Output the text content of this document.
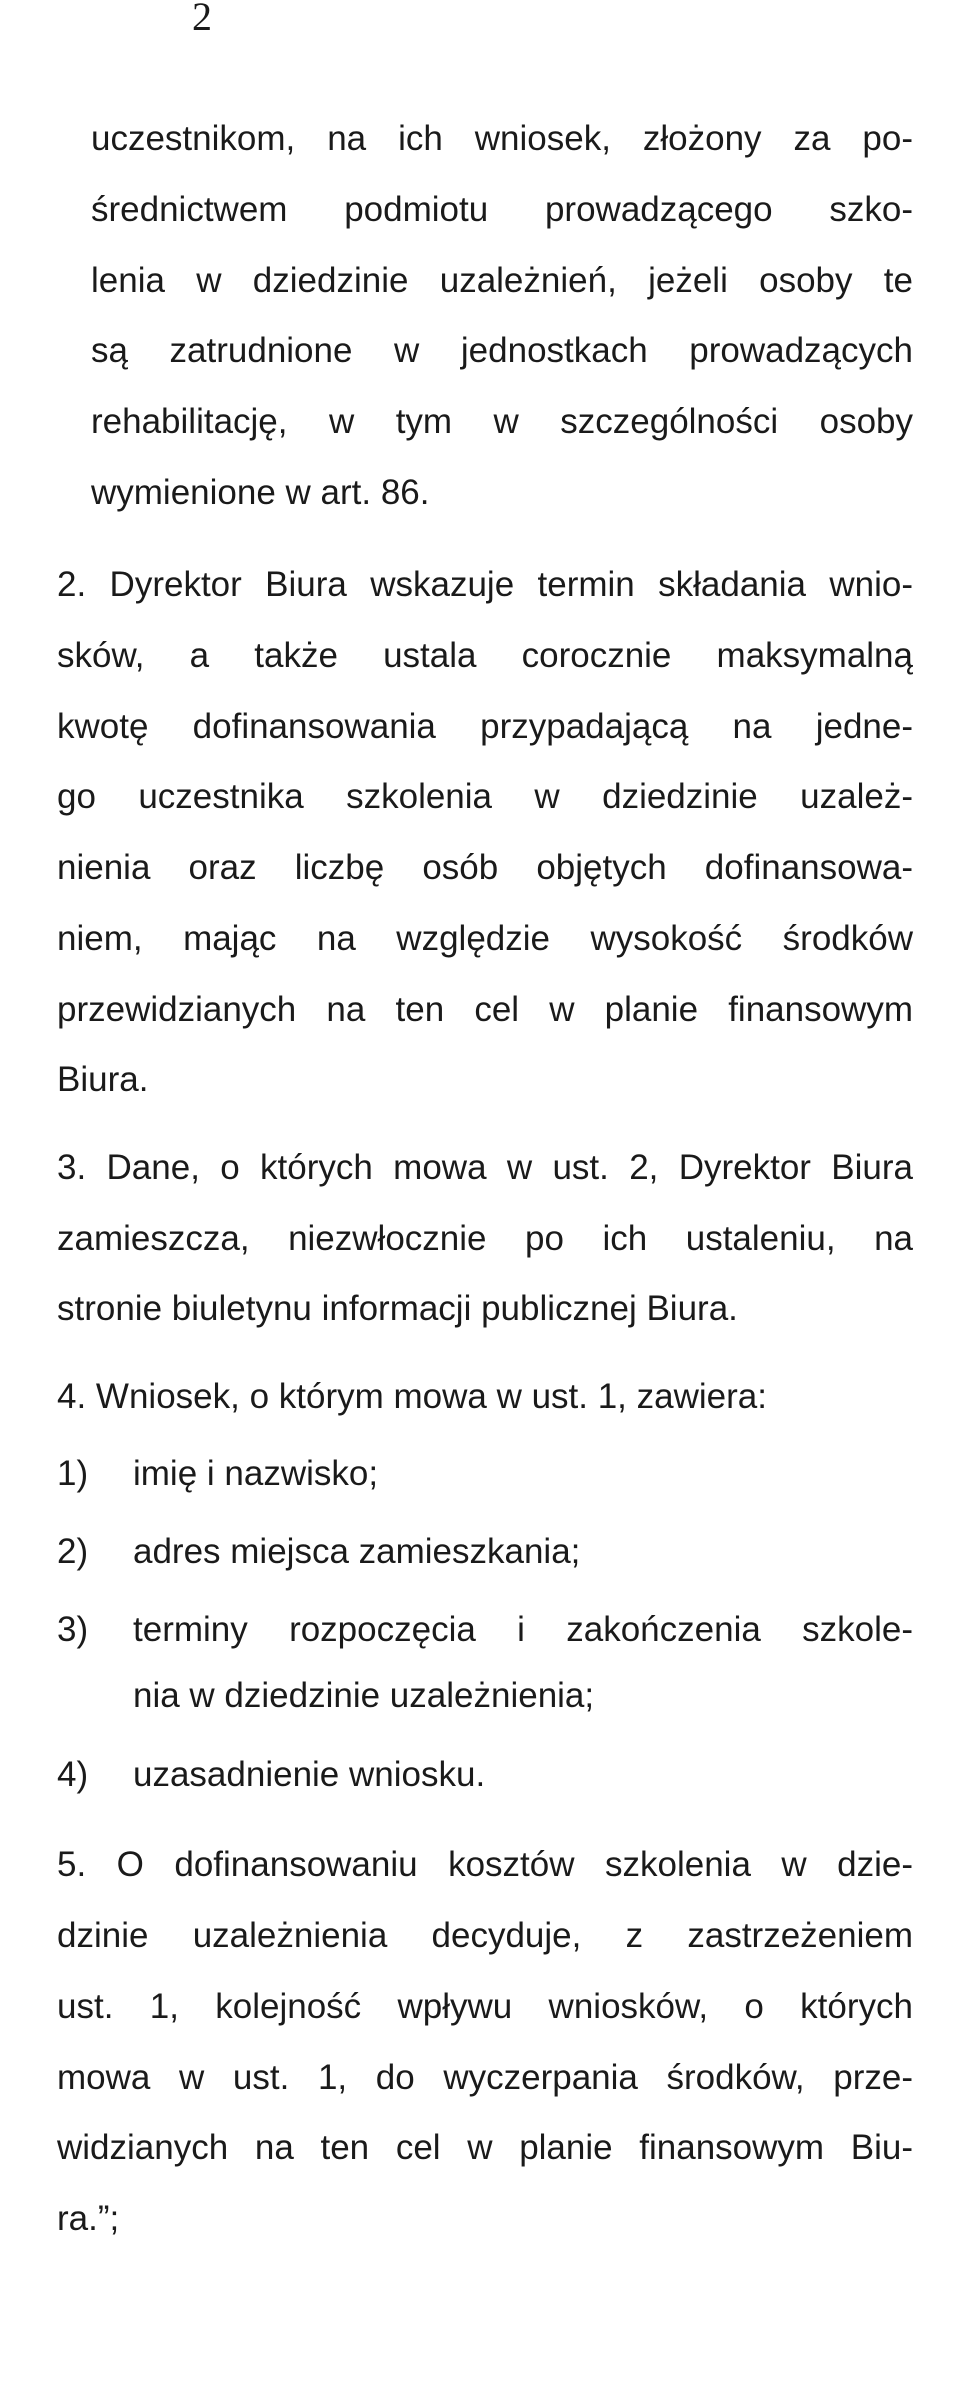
2
uczestnikom, na ich wniosek, złożony za po-
średnictwem podmiotu prowadzącego szko-
lenia w dziedzinie uzależnień, jeżeli osoby te
są zatrudnione w jednostkach prowadzących
rehabilitację, w tym w szczególności osoby
wymienione w art. 86.
2. Dyrektor Biura wskazuje termin składania wnio-
sków, a także ustala corocznie maksymalną
kwotę dofinansowania przypadającą na jedne-
go uczestnika szkolenia w dziedzinie uzależ-
nienia oraz liczbę osób objętych dofinansowa-
niem, mając na względzie wysokość środków
przewidzianych na ten cel w planie finansowym
Biura.
3. Dane, o których mowa w ust. 2, Dyrektor Biura
zamieszcza, niezwłocznie po ich ustaleniu, na
stronie biuletynu informacji publicznej Biura.
4. Wniosek, o którym mowa w ust. 1, zawiera:
1) imię i nazwisko;
2) adres miejsca zamieszkania;
3) terminy rozpoczęcia i zakończenia szkole-
nia w dziedzinie uzależnienia;
4) uzasadnienie wniosku.
5. O dofinansowaniu kosztów szkolenia w dzie-
dzinie uzależnienia decyduje, z zastrzeżeniem
ust. 1, kolejność wpływu wniosków, o których
mowa w ust. 1, do wyczerpania środków, prze-
widzianych na ten cel w planie finansowym Biu-
ra.”;
